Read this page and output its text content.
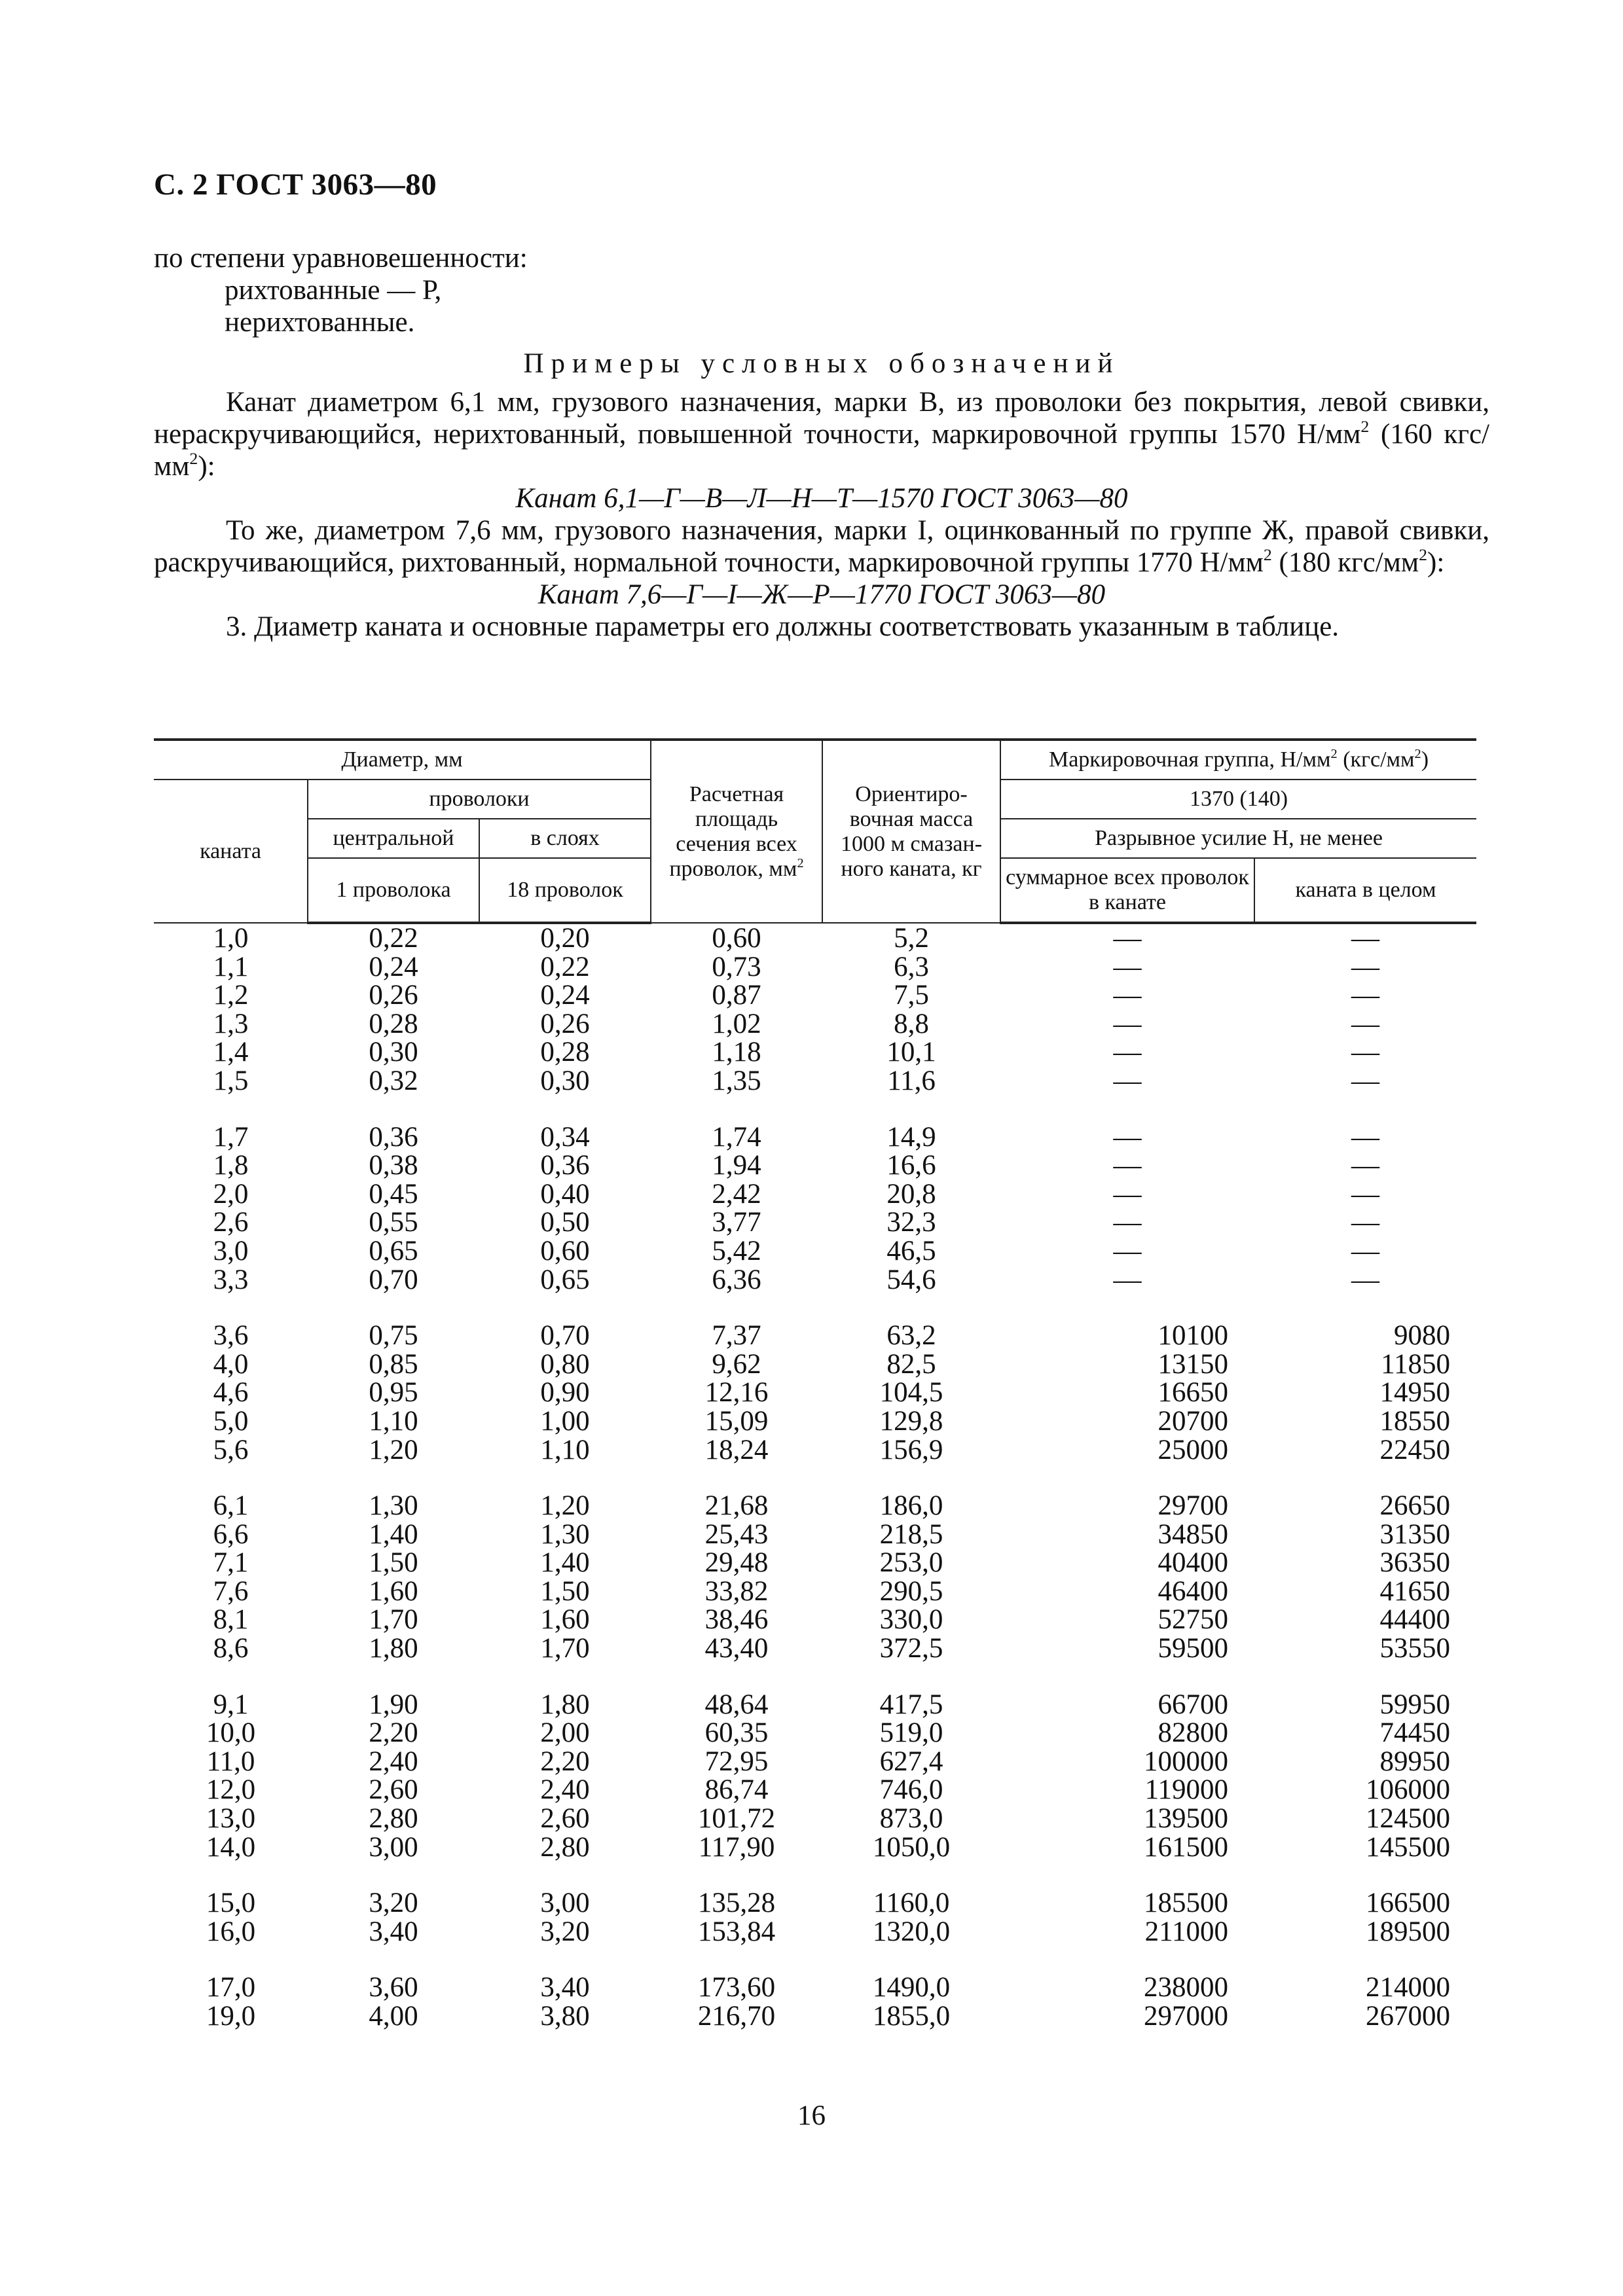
С. 2 ГОСТ 3063—80

по степени уравновешенности:

рихтованные — Р,

нерихтованные.

Примеры условных обозначений

Канат диаметром 6,1 мм, грузового назначения, марки В, из проволоки без покрытия, левой свивки, нераскручивающийся, нерихтованный, повышенной точности, маркировочной группы 1570 $Н/мм^2$ (160 кгс/$мм^2$):

Канат 6,1—Г—В—Л—Н—Т—1570 ГОСТ 3063—80

То же, диаметром 7,6 мм, грузового назначения, марки I, оцинкованный по группе Ж, правой свивки, раскручивающийся, рихтованный, нормальной точности, маркировочной группы 1770 $Н/мм^2$ (180 кгс/$мм^2$):

Канат 7,6—Г—I—Ж—Р—1770 ГОСТ 3063—80

3. Диаметр каната и основные параметры его должны соответствовать указанным в таблице.

Диаметр, мм			Расчетная площадь сечения всех проволок, $мм^2$	Ориентировочная масса 1000 м смазанного каната, кг	Маркировочная группа, $Н/мм^2$ $(кгс/мм^2)$	
каната	проволоки				1370 (140)	
	центральной	в слоях			Разрывное усилие Н, не менее	
	1 проволока	18 проволок			суммарное всех проволок в канате	каната в целом
1,0	0,22	0,20	0,60	5,2	—	—
1,1	0,24	0,22	0,73	6,3	—	—
1,2	0,26	0,24	0,87	7,5	—	—
1,3	0,28	0,26	1,02	8,8	—	—
1,4	0,30	0,28	1,18	10,1	—	—
1,5	0,32	0,30	1,35	11,6	—	—

1,7	0,36	0,34	1,74	14,9	—	—
1,8	0,38	0,36	1,94	16,6	—	—
2,0	0,45	0,40	2,42	20,8	—	—
2,6	0,55	0,50	3,77	32,3	—	—
3,0	0,65	0,60	5,42	46,5	—	—
3,3	0,70	0,65	6,36	54,6	—	—

3,6	0,75	0,70	7,37	63,2	10100	9080
4,0	0,85	0,80	9,62	82,5	13150	11850
4,6	0,95	0,90	12,16	104,5	16650	14950
5,0	1,10	1,00	15,09	129,8	20700	18550
5,6	1,20	1,10	18,24	156,9	25000	22450

6,1	1,30	1,20	21,68	186,0	29700	26650
6,6	1,40	1,30	25,43	218,5	34850	31350
7,1	1,50	1,40	29,48	253,0	40400	36350
7,6	1,60	1,50	33,82	290,5	46400	41650
8,1	1,70	1,60	38,46	330,0	52750	44400
8,6	1,80	1,70	43,40	372,5	59500	53550

9,1	1,90	1,80	48,64	417,5	66700	59950
10,0	2,20	2,00	60,35	519,0	82800	74450
11,0	2,40	2,20	72,95	627,4	100000	89950
12,0	2,60	2,40	86,74	746,0	119000	106000
13,0	2,80	2,60	101,72	873,0	139500	124500
14,0	3,00	2,80	117,90	1050,0	161500	145500

15,0	3,20	3,00	135,28	1160,0	185500	166500
16,0	3,40	3,20	153,84	1320,0	211000	189500

17,0	3,60	3,40	173,60	1490,0	238000	214000
19,0	4,00	3,80	216,70	1855,0	297000	267000
16
